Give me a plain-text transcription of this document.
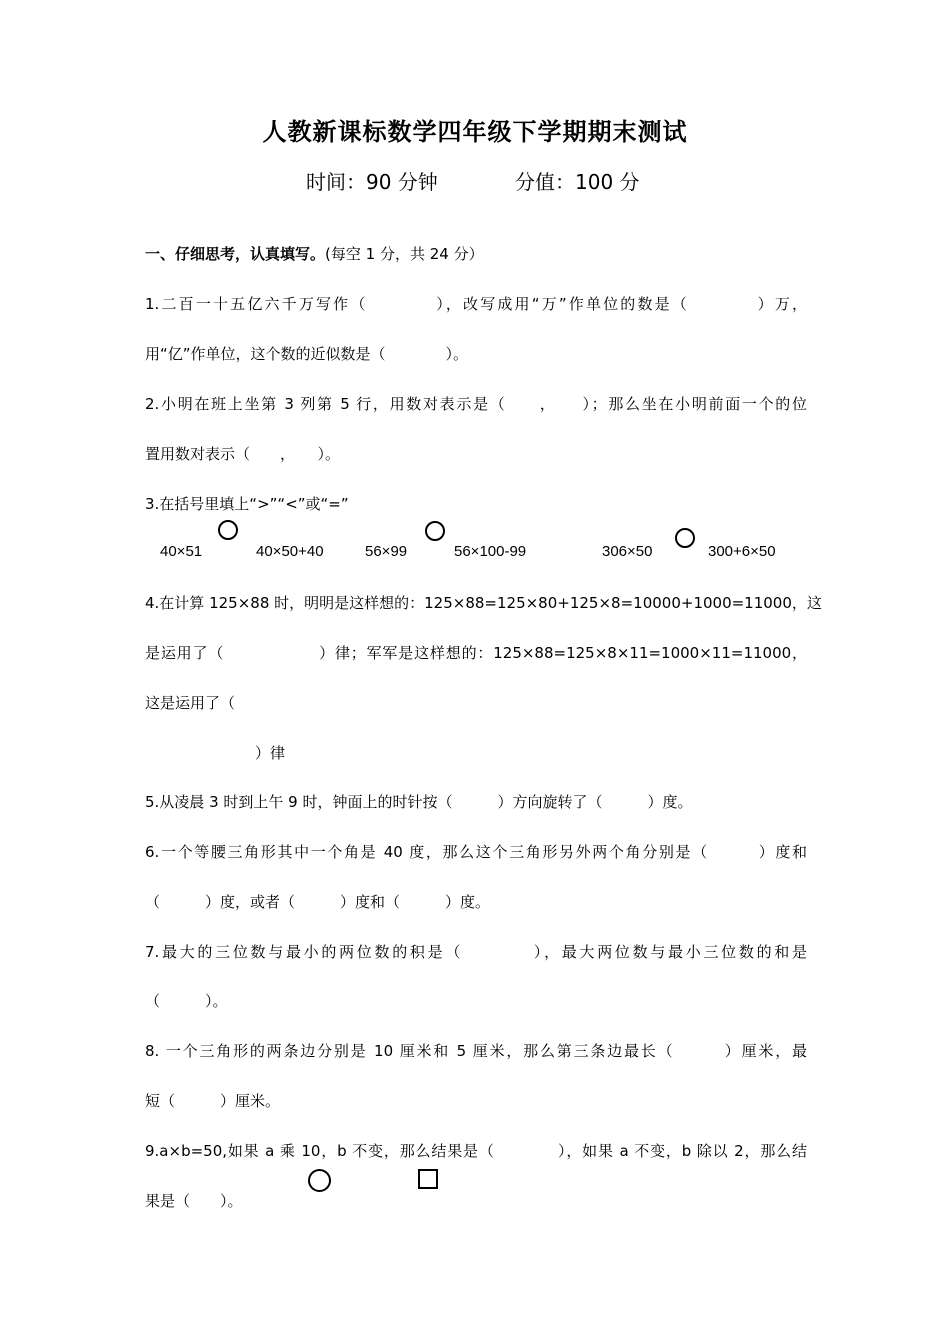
人教新课标数学四年级下学期期末测试
时间：90 分钟	分值：100 分
一、仔细思考，认真填写。(每空 1 分，共 24 分）
1.二百一十五亿六千万写作（　　　　），改写成用“万”作单位的数是（　　　　）万，
用“亿”作单位，这个数的近似数是（　　　　）。
2.小明在班上坐第 3 列第 5 行，用数对表示是（　　，　　）；那么坐在小明前面一个的位
置用数对表示（　　，　　）。
3.在括号里填上“>”“<”或“=”
40×51	40×50+40	56×99	56×100-99	306×50	300+6×50
4.在计算 125×88 时，明明是这样想的：125×88=125×80+125×8=10000+1000=11000，这
是运用了（　　　　　　）律；军军是这样想的：125×88=125×8×11=1000×11=11000，
这是运用了（
）律
5.从凌晨 3 时到上午 9 时，钟面上的时针按（　　　）方向旋转了（　　　）度。
6.一个等腰三角形其中一个角是 40 度，那么这个三角形另外两个角分别是（　　　）度和
（　　　）度，或者（　　　）度和（　　　）度。
7.最大的三位数与最小的两位数的积是（　　　　），最大两位数与最小三位数的和是
（　　　）。
8. 一个三角形的两条边分别是 10 厘米和 5 厘米，那么第三条边最长（　　　）厘米，最
短（　　　）厘米。
9.a×b=50,如果 a 乘 10，b 不变，那么结果是（　　　　），如果 a 不变，b 除以 2，那么结
果是（　　）。
